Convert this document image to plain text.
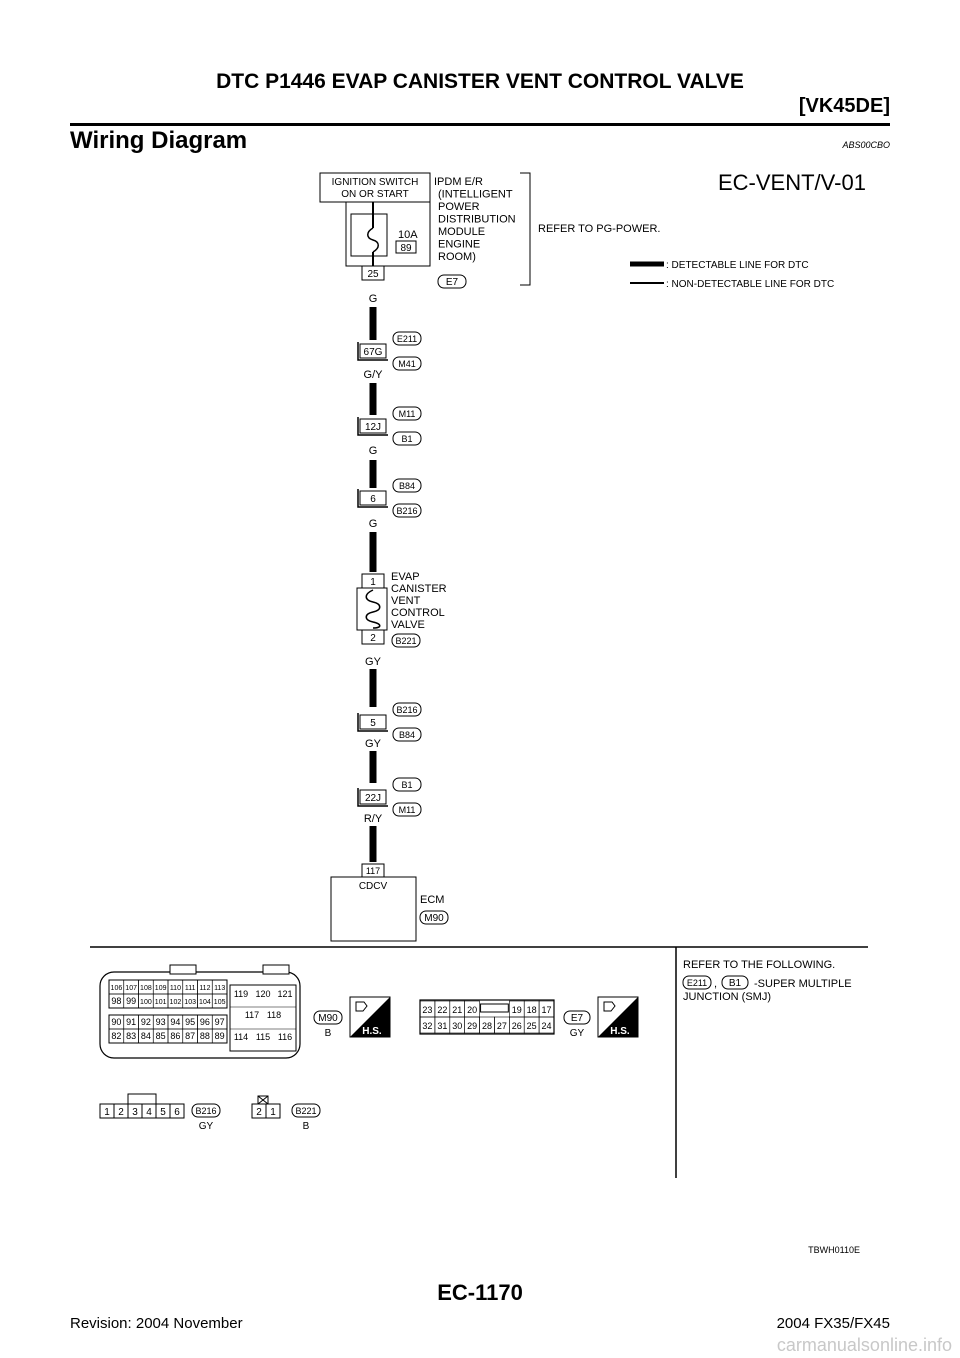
DTC P1446 EVAP CANISTER VENT CONTROL VALVE
[VK45DE]
Wiring Diagram	ABS00CBO
EC-VENT/V-01
IGNITION SWITCH
ON OR START
10A
89
25
IPDM E/R
(INTELLIGENT
POWER
DISTRIBUTION
MODULE
ENGINE
ROOM)
E7
REFER TO PG-POWER.
: DETECTABLE LINE FOR DTC
: NON-DETECTABLE LINE FOR DTC
G
G/Y
G
G
GY
GY
R/Y
67G
E211
M41
12J
M11
B1
6
B84
B216
5
B216
B84
22J
B1
M11
1
2
EVAP
CANISTER
VENT
CONTROL
VALVE
B221
117
CDCV
ECM
M90
106 107 108 109 110 111 112 113
98 99 100 101 102 103 104 105
90 91 92 93 94 95 96 97
82 83 84 85 86 87 88 89
119 120 121
117 118
114 115 116
M90
B	H.S.	H.S.
23 22 21 20	19 18 17
32 31 30 29 28 27 26 25 24
E7
GY
1 2 3 4 5 6 B216
GY
2 1 B221
B
REFER TO THE FOLLOWING.
E211 , B1 -SUPER MULTIPLE
JUNCTION (SMJ)
TBWH0110E
EC-1170
Revision: 2004 November	2004 FX35/FX45
carmanualsonline.info
